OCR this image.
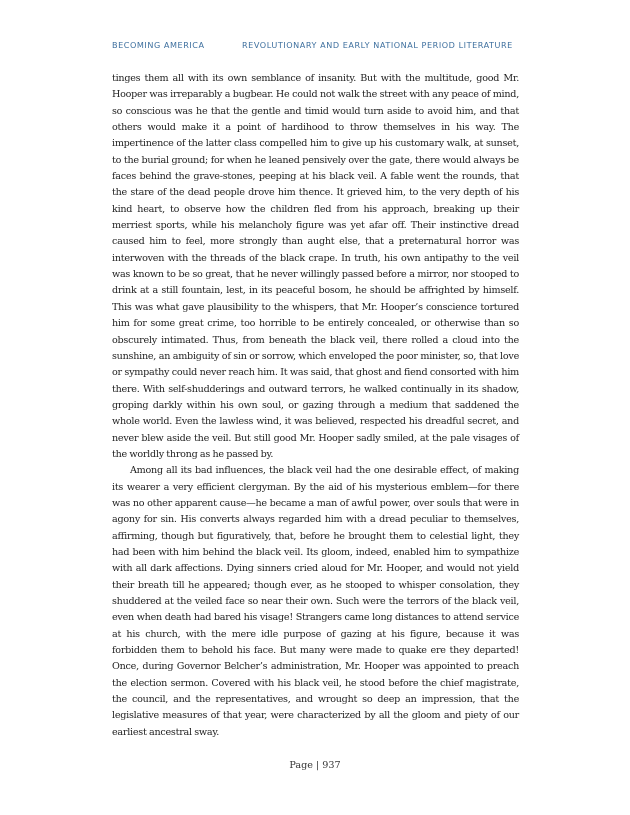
BECOMING AMERICA	REVOLUTIONARY AND EARLY NATIONAL PERIOD LITERATURE

tinges them all with its own semblance of insanity. But with the multitude, good Mr. Hooper was irreparably a bugbear. He could not walk the street with any peace of mind, so conscious was he that the gentle and timid would turn aside to avoid him, and that others would make it a point of hardihood to throw themselves in his way. The impertinence of the latter class compelled him to give up his customary walk, at sunset, to the burial ground; for when he leaned pensively over the gate, there would always be faces behind the grave-stones, peeping at his black veil. A fable went the rounds, that the stare of the dead people drove him thence. It grieved him, to the very depth of his kind heart, to observe how the children fled from his approach, breaking up their merriest sports, while his melancholy figure was yet afar off. Their instinctive dread caused him to feel, more strongly than aught else, that a preternatural horror was interwoven with the threads of the black crape. In truth, his own antipathy to the veil was known to be so great, that he never willingly passed before a mirror, nor stooped to drink at a still fountain, lest, in its peaceful bosom, he should be affrighted by himself. This was what gave plausibility to the whispers, that Mr. Hooper’s conscience tortured him for some great crime, too horrible to be entirely concealed, or otherwise than so obscurely intimated. Thus, from beneath the black veil, there rolled a cloud into the sunshine, an ambiguity of sin or sorrow, which enveloped the poor minister, so, that love or sympathy could never reach him. It was said, that ghost and fiend consorted with him there. With self-shudderings and outward terrors, he walked continually in its shadow, groping darkly within his own soul, or gazing through a medium that saddened the whole world. Even the lawless wind, it was believed, respected his dreadful secret, and never blew aside the veil. But still good Mr. Hooper sadly smiled, at the pale visages of the worldly throng as he passed by.

Among all its bad influences, the black veil had the one desirable effect, of making its wearer a very efficient clergyman. By the aid of his mysterious emblem—for there was no other apparent cause—he became a man of awful power, over souls that were in agony for sin. His converts always regarded him with a dread peculiar to themselves, affirming, though but figuratively, that, before he brought them to celestial light, they had been with him behind the black veil. Its gloom, indeed, enabled him to sympathize with all dark affections. Dying sinners cried aloud for Mr. Hooper, and would not yield their breath till he appeared; though ever, as he stooped to whisper consolation, they shuddered at the veiled face so near their own. Such were the terrors of the black veil, even when death had bared his visage! Strangers came long distances to attend service at his church, with the mere idle purpose of gazing at his figure, because it was forbidden them to behold his face. But many were made to quake ere they departed! Once, during Governor Belcher’s administration, Mr. Hooper was appointed to preach the election sermon. Covered with his black veil, he stood before the chief magistrate, the council, and the representatives, and wrought so deep an impression, that the legislative measures of that year, were characterized by all the gloom and piety of our earliest ancestral sway.

Page | 937
